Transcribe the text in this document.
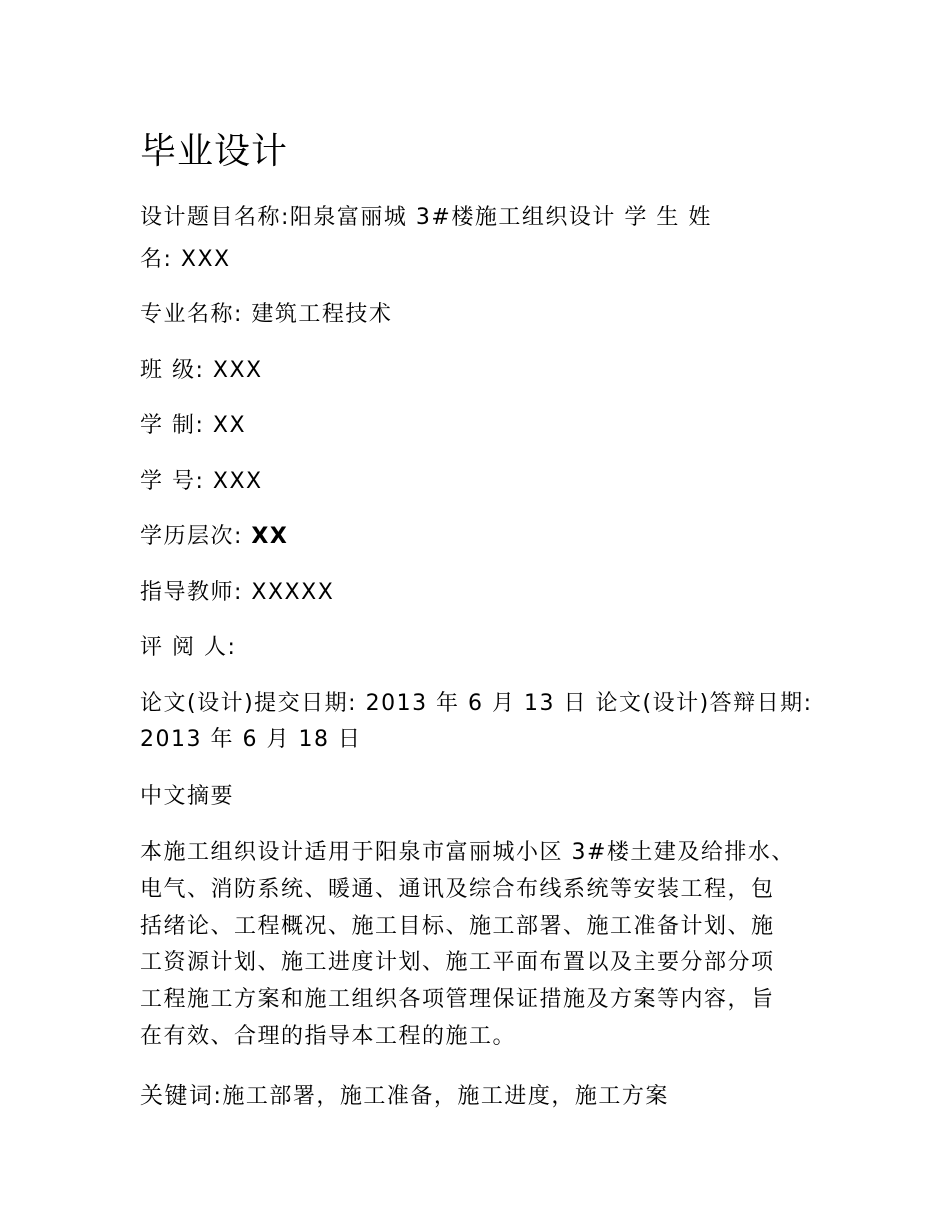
毕业设计
设计题目名称:阳泉富丽城 3#楼施工组织设计 学 生 姓
名: XXX
专业名称: 建筑工程技术
班 级: XXX
学 制: XX
学 号: XXX
学历层次: XX
指导教师: XXXXX
评 阅 人:
论文(设计)提交日期: 2013 年 6 月 13 日 论文(设计)答辩日期:
2013 年 6 月 18 日
中文摘要
本施工组织设计适用于阳泉市富丽城小区 3#楼土建及给排水、
电气、消防系统、暖通、通讯及综合布线系统等安装工程，包
括绪论、工程概况、施工目标、施工部署、施工准备计划、施
工资源计划、施工进度计划、施工平面布置以及主要分部分项
工程施工方案和施工组织各项管理保证措施及方案等内容，旨
在有效、合理的指导本工程的施工。
关键词:施工部署，施工准备，施工进度，施工方案
